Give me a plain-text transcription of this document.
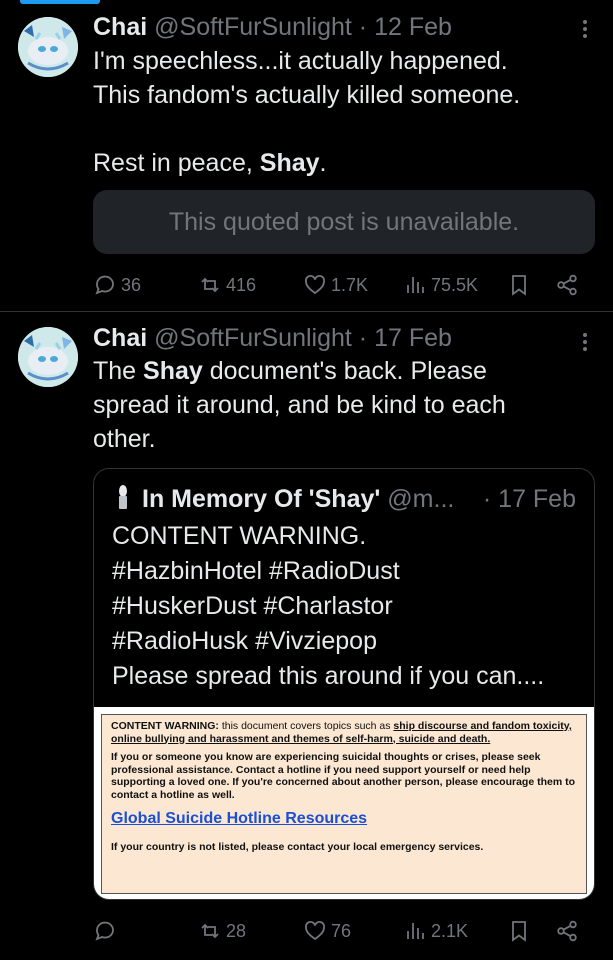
Chai @SoftFurSunlight · 12 Feb
I'm speechless...it actually happened.
This fandom's actually killed someone.
Rest in peace, Shay.
This quoted post is unavailable.
36	416	1.7K	75.5K
Chai @SoftFurSunlight · 17 Feb
The Shay document's back. Please
spread it around, and be kind to each
other.
In Memory Of 'Shay' @m... · 17 Feb
CONTENT WARNING.
#HazbinHotel #RadioDust
#HuskerDust #Charlastor
#RadioHusk #Vivziepop
Please spread this around if you can....

CONTENT WARNING: this document covers topics such as ship discourse and fandom toxicity, online bullying and harassment and themes of self-harm, suicide and death.

If you or someone you know are experiencing suicidal thoughts or crises, please seek professional assistance. Contact a hotline if you need support yourself or need help supporting a loved one. If you're concerned about another person, please encourage them to contact a hotline as well.

Global Suicide Hotline Resources

If your country is not listed, please contact your local emergency services.

28	76	2.1K
